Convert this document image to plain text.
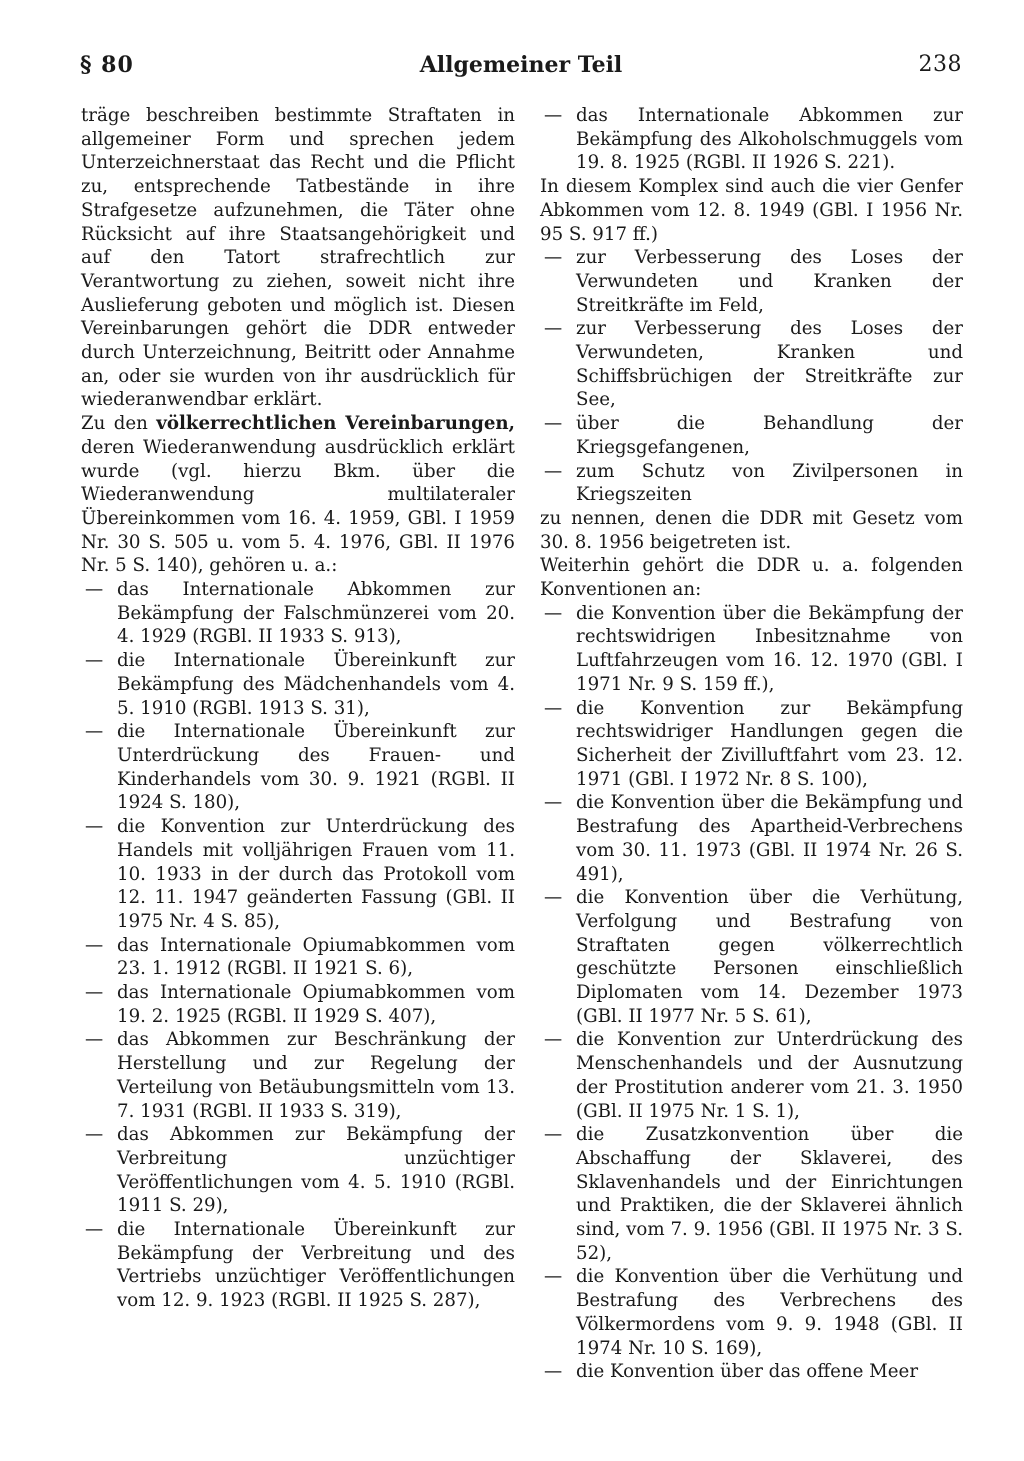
§ 80	Allgemeiner Teil	238

träge beschreiben bestimmte Straftaten in allgemeiner Form und sprechen jedem Unterzeichnerstaat das Recht und die Pflicht zu, entsprechende Tatbestände in ihre Strafgesetze aufzunehmen, die Täter ohne Rücksicht auf ihre Staatsangehörigkeit und auf den Tatort strafrechtlich zur Verantwortung zu ziehen, soweit nicht ihre Auslieferung geboten und möglich ist. Diesen Vereinbarungen gehört die DDR entweder durch Unterzeichnung, Beitritt oder Annahme an, oder sie wurden von ihr ausdrücklich für wiederanwendbar erklärt.

Zu den völkerrechtlichen Vereinbarungen, deren Wiederanwendung ausdrücklich erklärt wurde (vgl. hierzu Bkm. über die Wiederanwendung multilateraler Übereinkommen vom 16. 4. 1959, GBl. I 1959 Nr. 30 S. 505 u. vom 5. 4. 1976, GBl. II 1976 Nr. 5 S. 140), gehören u. a.:

— das Internationale Abkommen zur Bekämpfung der Falschmünzerei vom 20. 4. 1929 (RGBl. II 1933 S. 913),
— die Internationale Übereinkunft zur Bekämpfung des Mädchenhandels vom 4. 5. 1910 (RGBl. 1913 S. 31),
— die Internationale Übereinkunft zur Unterdrückung des Frauen- und Kinderhandels vom 30. 9. 1921 (RGBl. II 1924 S. 180),
— die Konvention zur Unterdrückung des Handels mit volljährigen Frauen vom 11. 10. 1933 in der durch das Protokoll vom 12. 11. 1947 geänderten Fassung (GBl. II 1975 Nr. 4 S. 85),
— das Internationale Opiumabkommen vom 23. 1. 1912 (RGBl. II 1921 S. 6),
— das Internationale Opiumabkommen vom 19. 2. 1925 (RGBl. II 1929 S. 407),
— das Abkommen zur Beschränkung der Herstellung und zur Regelung der Verteilung von Betäubungsmitteln vom 13. 7. 1931 (RGBl. II 1933 S. 319),
— das Abkommen zur Bekämpfung der Verbreitung unzüchtiger Veröffentlichungen vom 4. 5. 1910 (RGBl. 1911 S. 29),
— die Internationale Übereinkunft zur Bekämpfung der Verbreitung und des Vertriebs unzüchtiger Veröffentlichungen vom 12. 9. 1923 (RGBl. II 1925 S. 287),
— das Internationale Abkommen zur Bekämpfung des Alkoholschmuggels vom 19. 8. 1925 (RGBl. II 1926 S. 221).

In diesem Komplex sind auch die vier Genfer Abkommen vom 12. 8. 1949 (GBl. I 1956 Nr. 95 S. 917 ff.)

— zur Verbesserung des Loses der Verwundeten und Kranken der Streitkräfte im Feld,
— zur Verbesserung des Loses der Verwundeten, Kranken und Schiffsbrüchigen der Streitkräfte zur See,
— über die Behandlung der Kriegsgefangenen,
— zum Schutz von Zivilpersonen in Kriegszeiten

zu nennen, denen die DDR mit Gesetz vom 30. 8. 1956 beigetreten ist.

Weiterhin gehört die DDR u. a. folgenden Konventionen an:

— die Konvention über die Bekämpfung der rechtswidrigen Inbesitznahme von Luftfahrzeugen vom 16. 12. 1970 (GBl. I 1971 Nr. 9 S. 159 ff.),
— die Konvention zur Bekämpfung rechtswidriger Handlungen gegen die Sicherheit der Zivilluftfahrt vom 23. 12. 1971 (GBl. I 1972 Nr. 8 S. 100),
— die Konvention über die Bekämpfung und Bestrafung des Apartheid-Verbrechens vom 30. 11. 1973 (GBl. II 1974 Nr. 26 S. 491),
— die Konvention über die Verhütung, Verfolgung und Bestrafung von Straftaten gegen völkerrechtlich geschützte Personen einschließlich Diplomaten vom 14. Dezember 1973 (GBl. II 1977 Nr. 5 S. 61),
— die Konvention zur Unterdrückung des Menschenhandels und der Ausnutzung der Prostitution anderer vom 21. 3. 1950 (GBl. II 1975 Nr. 1 S. 1),
— die Zusatzkonvention über die Abschaffung der Sklaverei, des Sklavenhandels und der Einrichtungen und Praktiken, die der Sklaverei ähnlich sind, vom 7. 9. 1956 (GBl. II 1975 Nr. 3 S. 52),
— die Konvention über die Verhütung und Bestrafung des Verbrechens des Völkermordens vom 9. 9. 1948 (GBl. II 1974 Nr. 10 S. 169),
— die Konvention über das offene Meer
